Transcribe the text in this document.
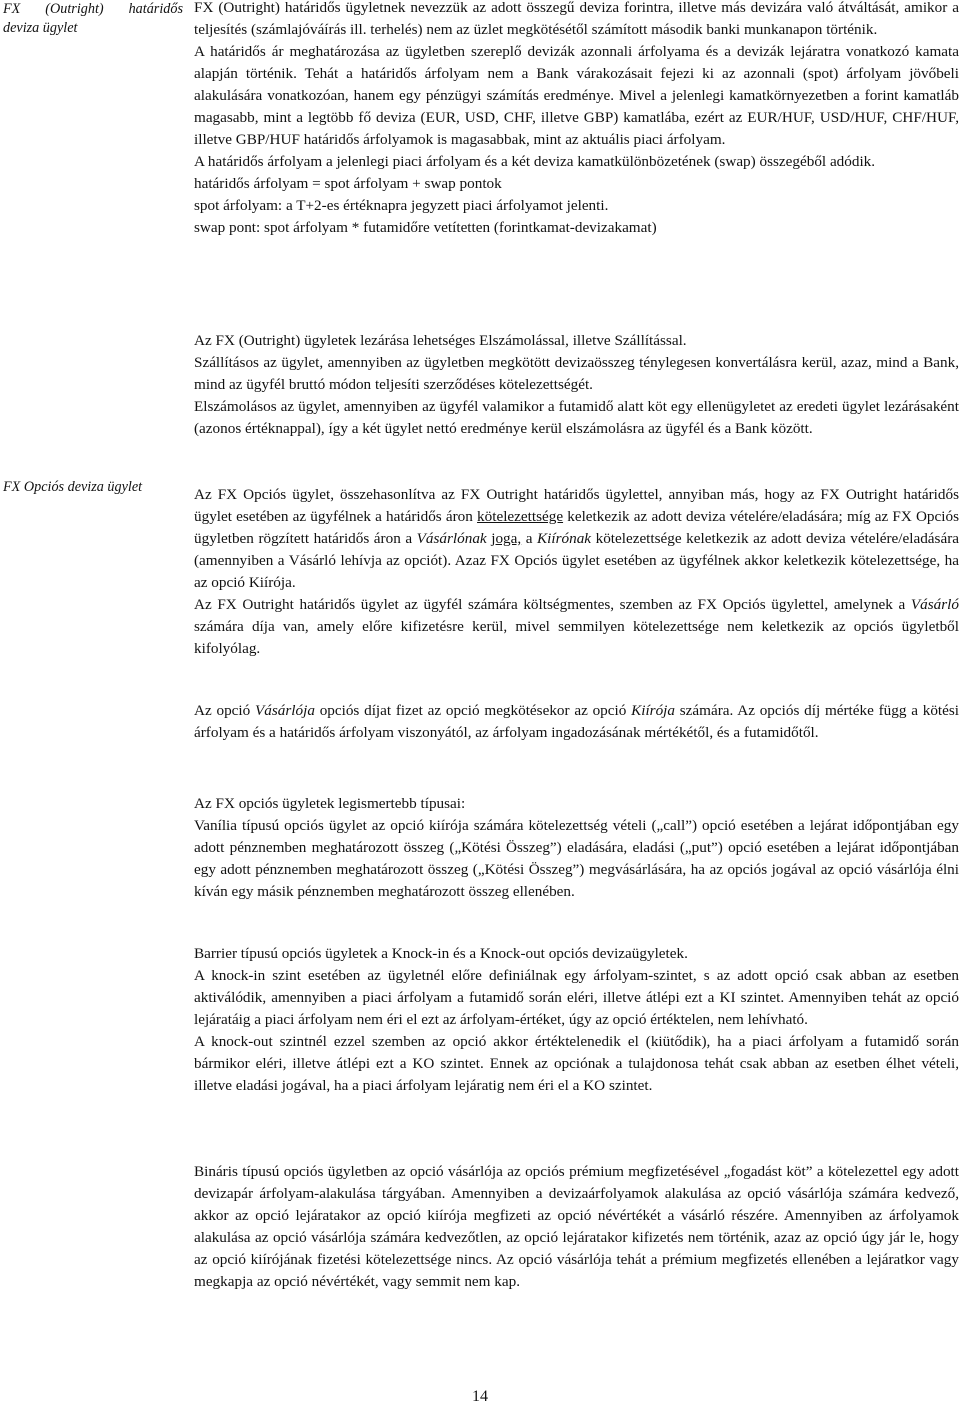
FX (Outright) határidős
deviza ügylet
FX Opciós deviza ügylet

FX (Outright) határidős ügyletnek nevezzük az adott összegű deviza forintra, illetve más devizára való átváltását, amikor a teljesítés (számlajóváírás ill. terhelés) nem az üzlet megkötésétől számított második banki munkanapon történik.

A határidős ár meghatározása az ügyletben szereplő devizák azonnali árfolyama és a devizák lejáratra vonatkozó kamata alapján történik. Tehát a határidős árfolyam nem a Bank várakozásait fejezi ki az azonnali (spot) árfolyam jövőbeli alakulására vonatkozóan, hanem egy pénzügyi számítás eredménye. Mivel a jelenlegi kamatkörnyezetben a forint kamatláb magasabb, mint a legtöbb fő deviza (EUR, USD, CHF, illetve GBP) kamatlába, ezért az EUR/HUF, USD/HUF, CHF/HUF, illetve GBP/HUF határidős árfolyamok is magasabbak, mint az aktuális piaci árfolyam.

A határidős árfolyam a jelenlegi piaci árfolyam és a két deviza kamatkülönbözetének (swap) összegéből adódik.

határidős árfolyam = spot árfolyam + swap pontok

spot árfolyam: a T+2-es értéknapra jegyzett piaci árfolyamot jelenti.

swap pont: spot árfolyam * futamidőre vetítetten (forintkamat-devizakamat)

Az FX (Outright) ügyletek lezárása lehetséges Elszámolással, illetve Szállítással.

Szállításos az ügylet, amennyiben az ügyletben megkötött devizaösszeg ténylegesen konvertálásra kerül, azaz, mind a Bank, mind az ügyfél bruttó módon teljesíti szerződéses kötelezettségét.

Elszámolásos az ügylet, amennyiben az ügyfél valamikor a futamidő alatt köt egy ellenügyletet az eredeti ügylet lezárásaként (azonos értéknappal), így a két ügylet nettó eredménye kerül elszámolásra az ügyfél és a Bank között.

Az FX Opciós ügylet, összehasonlítva az FX Outright határidős ügylettel, annyiban más, hogy az FX Outright határidős ügylet esetében az ügyfélnek a határidős áron kötelezettsége keletkezik az adott deviza vételére/eladására; míg az FX Opciós ügyletben rögzített határidős áron a Vásárlónak joga, a Kiírónak kötelezettsége keletkezik az adott deviza vételére/eladására (amennyiben a Vásárló lehívja az opciót). Azaz FX Opciós ügylet esetében az ügyfélnek akkor keletkezik kötelezettsége, ha az opció Kiírója.

Az FX Outright határidős ügylet az ügyfél számára költségmentes, szemben az FX Opciós ügylettel, amelynek a Vásárló számára díja van, amely előre kifizetésre kerül, mivel semmilyen kötelezettsége nem keletkezik az opciós ügyletből kifolyólag.

Az opció Vásárlója opciós díjat fizet az opció megkötésekor az opció Kiírója számára. Az opciós díj mértéke függ a kötési árfolyam és a határidős árfolyam viszonyától, az árfolyam ingadozásának mértékétől, és a futamidőtől.

Az FX opciós ügyletek legismertebb típusai:

Vanília típusú opciós ügylet az opció kiírója számára kötelezettség vételi („call”) opció esetében a lejárat időpontjában egy adott pénznemben meghatározott összeg („Kötési Összeg”) eladására, eladási („put”) opció esetében a lejárat időpontjában egy adott pénznemben meghatározott összeg („Kötési Összeg”) megvásárlására, ha az opciós jogával az opció vásárlója élni kíván egy másik pénznemben meghatározott összeg ellenében.

Barrier típusú opciós ügyletek a Knock-in és a Knock-out opciós devizaügyletek.

A knock-in szint esetében az ügyletnél előre definiálnak egy árfolyam-szintet, s az adott opció csak abban az esetben aktiválódik, amennyiben a piaci árfolyam a futamidő során eléri, illetve átlépi ezt a KI szintet. Amennyiben tehát az opció lejáratáig a piaci árfolyam nem éri el ezt az árfolyam-értéket, úgy az opció értéktelen, nem lehívható.

A knock-out szintnél ezzel szemben az opció akkor értéktelenedik el (kiütődik), ha a piaci árfolyam a futamidő során bármikor eléri, illetve átlépi ezt a KO szintet. Ennek az opciónak a tulajdonosa tehát csak abban az esetben élhet vételi, illetve eladási jogával, ha a piaci árfolyam lejáratig nem éri el a KO szintet.

Bináris típusú opciós ügyletben az opció vásárlója az opciós prémium megfizetésével „fogadást köt” a kötelezettel egy adott devizapár árfolyam-alakulása tárgyában. Amennyiben a devizaárfolyamok alakulása az opció vásárlója számára kedvező, akkor az opció lejáratakor az opció kiírója megfizeti az opció névértékét a vásárló részére. Amennyiben az árfolyamok alakulása az opció vásárlója számára kedvezőtlen, az opció lejáratakor kifizetés nem történik, azaz az opció úgy jár le, hogy az opció kiírójának fizetési kötelezettsége nincs. Az opció vásárlója tehát a prémium megfizetés ellenében a lejáratkor vagy megkapja az opció névértékét, vagy semmit nem kap.

14
